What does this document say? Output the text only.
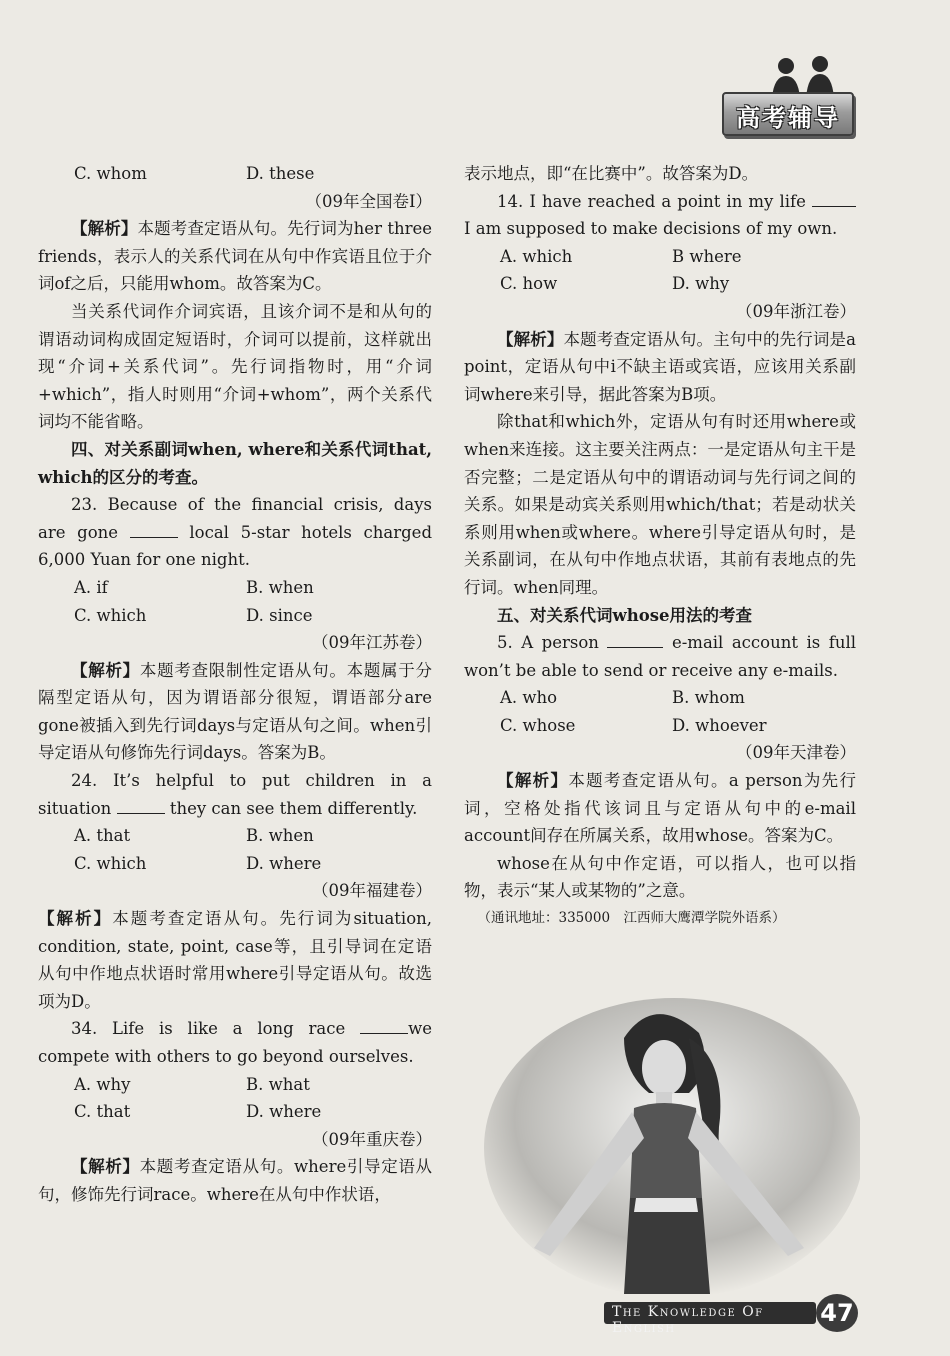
高考辅导
C. whom	D. these

（09年全国卷Ⅰ）

【解析】本题考查定语从句。先行词为her three friends，表示人的关系代词在从句中作宾语且位于介词of之后，只能用whom。故答案为C。

当关系代词作介词宾语，且该介词不是和从句的谓语动词构成固定短语时，介词可以提前，这样就出现“介词+关系代词”。先行词指物时，用“介词+which”，指人时则用“介词+whom”，两个关系代词均不能省略。

四、对关系副词when, where和关系代词that, which的区分的考查。

23. Because of the financial crisis, days are gone	local 5-star hotels charged 6,000 Yuan for one night.

A. if	B. when
C. which	D. since

（09年江苏卷）

【解析】本题考查限制性定语从句。本题属于分隔型定语从句，因为谓语部分很短，谓语部分are gone被插入到先行词days与定语从句之间。when引导定语从句修饰先行词days。答案为B。

24. It’s helpful to put children in a situation	they can see them differently.

A. that	B. when
C. which	D. where

（09年福建卷）

【解析】本题考查定语从句。先行词为situation, condition, state, point, case等，且引导词在定语从句中作地点状语时常用where引导定语从句。故选项为D。

34. Life is like a long race	we compete with others to go beyond ourselves.

A. why	B. what
C. that	D. where

（09年重庆卷）

【解析】本题考查定语从句。where引导定语从句，修饰先行词race。where在从句中作状语，

表示地点，即“在比赛中”。故答案为D。

14. I have reached a point in my life  I am supposed to make decisions of my own.

A. which	B where
C. how	D. why

（09年浙江卷）

【解析】本题考查定语从句。主句中的先行词是a point，定语从句中i不缺主语或宾语，应该用关系副词where来引导，据此答案为B项。

除that和which外，定语从句有时还用where或when来连接。这主要关注两点：一是定语从句主干是否完整；二是定语从句中的谓语动词与先行词之间的关系。如果是动宾关系则用which/that；若是动状关系则用when或where。where引导定语从句时，是关系副词，在从句中作地点状语，其前有表地点的先行词。when同理。

五、对关系代词whose用法的考查

5. A person	e-mail account is full won’t be able to send or receive any e-mails.

A. who	B. whom
C. whose	D. whoever

（09年天津卷）

【解析】本题考查定语从句。a person为先行词，空格处指代该词且与定语从句中的e-mail account间存在所属关系，故用whose。答案为C。

whose在从句中作定语，可以指人，也可以指物，表示“某人或某物的”之意。

（通讯地址：335000　江西师大鹰潭学院外语系）

The Knowledge Of English
47
